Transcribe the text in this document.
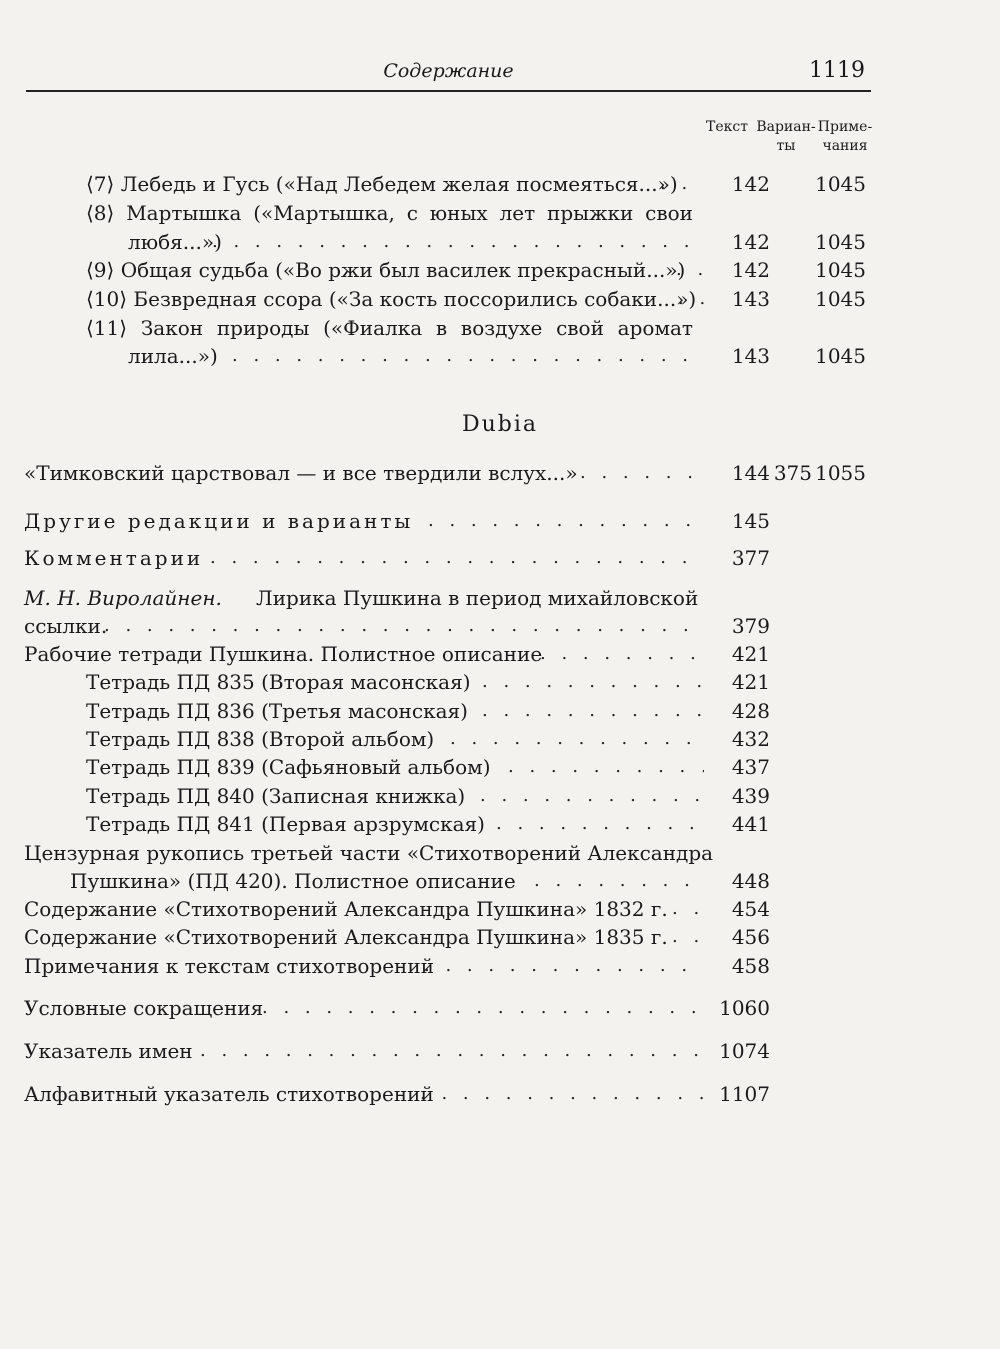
Содержание	1119
Текст Вариан-
ты
Приме-
чания
⟨7⟩ Лебедь и Гусь («Над Лебедем желая посмеяться...») . . .	142	1045
⟨8⟩ Мартышка («Мартышка, с юных лет прыжки свои
любя...») . . .	142	1045
⟨9⟩ Общая судьба («Во ржи был василек прекрасный...») . . .	142	1045
⟨10⟩ Безвредная ссора («За кость поссорились собаки...») . . .	143	1045
⟨11⟩ Закон природы («Фиалка в воздухе свой аромат
лила...») . . .	143	1045
Dubia
«Тимковский царствовал — и все твердили вслух...» . . .	144 375 1055
Другие редакции и варианты . . .	145
Комментарии . . .	377
М. Н. Виролайнен. Лирика Пушкина в период михайловской
ссылки. . . .	379
Рабочие тетради Пушкина. Полистное описание . . .	421
Тетрадь ПД 835 (Вторая масонская) . . .	421
Тетрадь ПД 836 (Третья масонская) . . .	428
Тетрадь ПД 838 (Второй альбом) . . .	432
Тетрадь ПД 839 (Сафьяновый альбом) . . .	437
Тетрадь ПД 840 (Записная книжка) . . .	439
Тетрадь ПД 841 (Первая арзрумская) . . .	441
Цензурная рукопись третьей части «Стихотворений Александра
Пушкина» (ПД 420). Полистное описание . . .	448
Содержание «Стихотворений Александра Пушкина» 1832 г. . . .	454
Содержание «Стихотворений Александра Пушкина» 1835 г. . . .	456
Примечания к текстам стихотворений . . .	458
Условные сокращения . . .	1060
Указатель имен . . .	1074
Алфавитный указатель стихотворений . . .	1107
